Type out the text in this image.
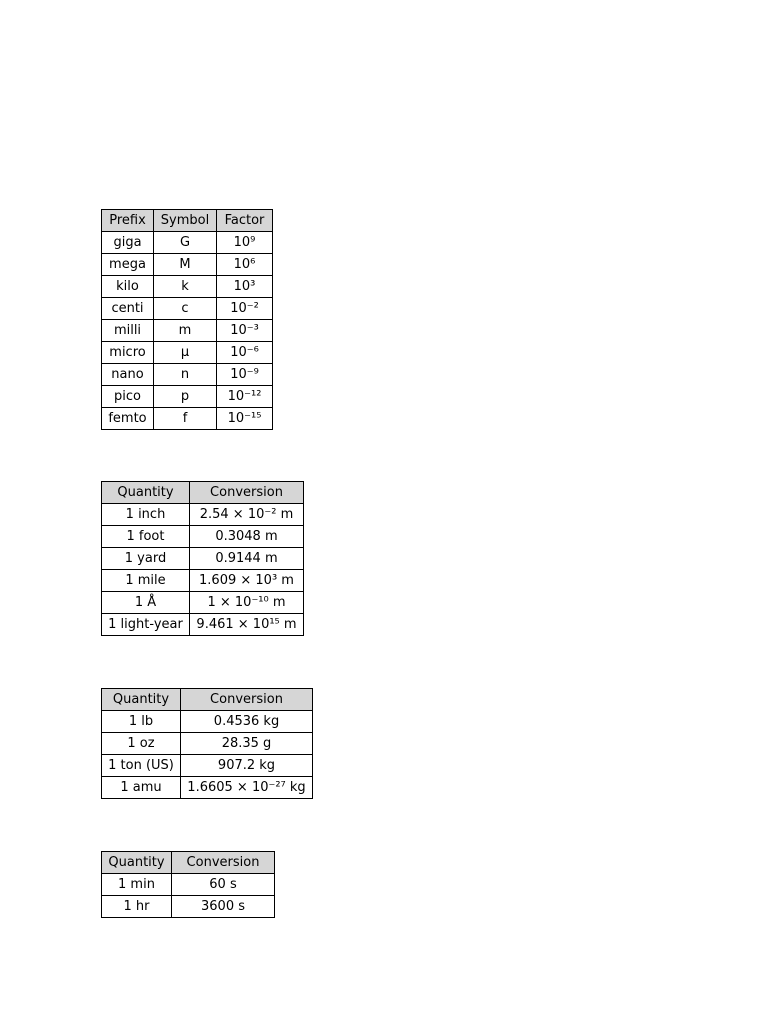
Prefix	Symbol	Factor
giga	G	10⁹
mega	M	10⁶
kilo	k	10³
centi	c	10⁻²
milli	m	10⁻³
micro	μ	10⁻⁶
nano	n	10⁻⁹
pico	p	10⁻¹²
femto	f	10⁻¹⁵
Quantity	Conversion
1 inch	2.54 × 10⁻² m
1 foot	0.3048 m
1 yard	0.9144 m
1 mile	1.609 × 10³ m
1 Å	1 × 10⁻¹⁰ m
1 light-year	9.461 × 10¹⁵ m
Quantity	Conversion
1 lb	0.4536 kg
1 oz	28.35 g
1 ton (US)	907.2 kg
1 amu	1.6605 × 10⁻²⁷ kg
Quantity	Conversion
1 min	60 s
1 hr	3600 s
